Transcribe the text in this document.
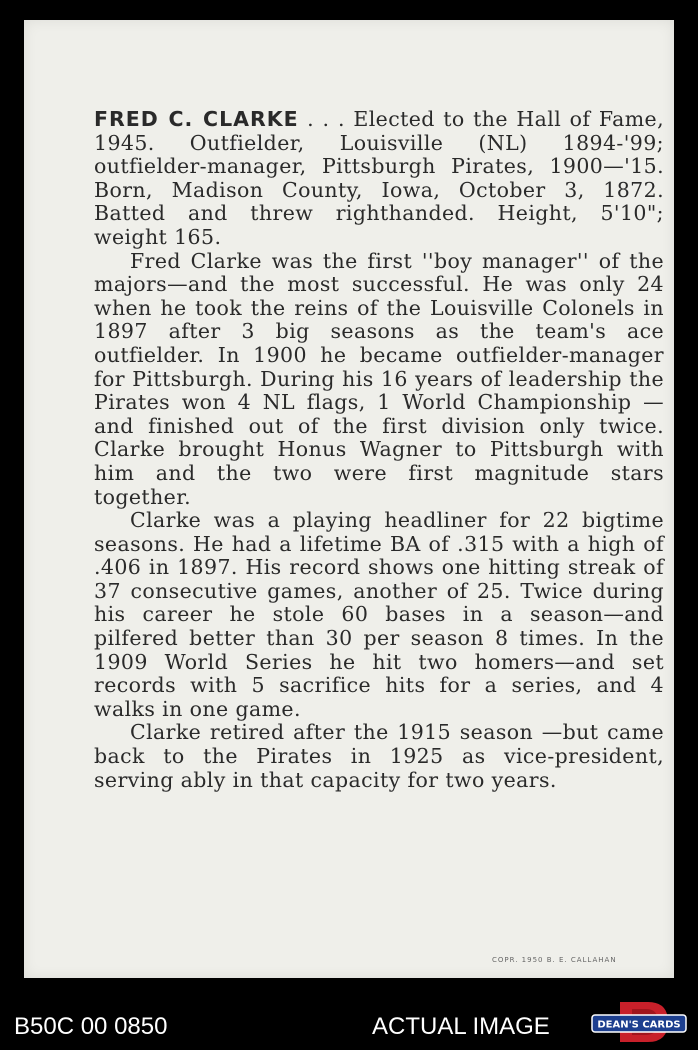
FRED C. CLARKE . . . Elected to the Hall of Fame, 1945. Outfielder, Louisville (NL) 1894-'99; outfielder-manager, Pittsburgh Pirates, 1900—'15. Born, Madison County, Iowa, October 3, 1872. Batted and threw righthanded. Height, 5'10"; weight 165.

Fred Clarke was the first ''boy manager'' of the majors—and the most successful. He was only 24 when he took the reins of the Louisville Colonels in 1897 after 3 big seasons as the team's ace outfielder. In 1900 he became outfielder-manager for Pittsburgh. During his 16 years of leadership the Pirates won 4 NL flags, 1 World Championship —and finished out of the first division only twice. Clarke brought Honus Wagner to Pittsburgh with him and the two were first magnitude stars together.

Clarke was a playing headliner for 22 bigtime seasons. He had a lifetime BA of .315 with a high of .406 in 1897. His record shows one hitting streak of 37 consecutive games, another of 25. Twice during his career he stole 60 bases in a season—and pilfered better than 30 per season 8 times. In the 1909 World Series he hit two homers—and set records with 5 sacrifice hits for a series, and 4 walks in one game.

Clarke retired after the 1915 season —but came back to the Pirates in 1925 as vice-president, serving ably in that capacity for two years.

COPR. 1950 B. E. CALLAHAN
B50C 00 0850	ACTUAL IMAGE	DEAN'S CARDS
